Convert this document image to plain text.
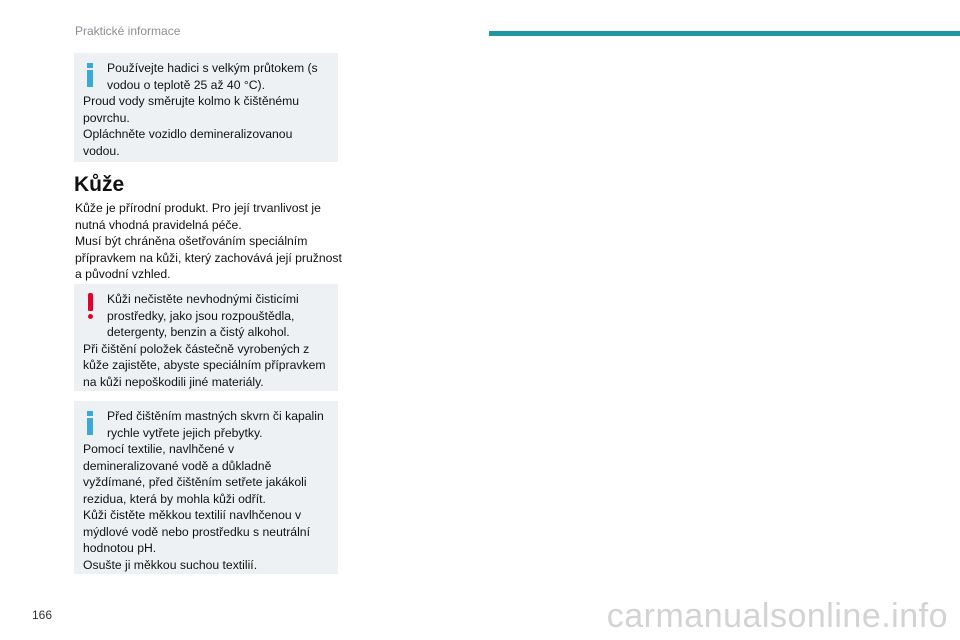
Praktické informace

Používejte hadici s velkým průtokem (s vodou o teplotě 25 až 40 °C).

Proud vody směrujte kolmo k čištěnému povrchu.

Opláchněte vozidlo demineralizovanou vodou.

Kůže

Kůže je přírodní produkt. Pro její trvanlivost je nutná vhodná pravidelná péče.
Musí být chráněna ošetřováním speciálním přípravkem na kůži, který zachovává její pružnost a původní vzhled.

Kůži nečistěte nevhodnými čisticími prostředky, jako jsou rozpouštědla, detergenty, benzin a čistý alkohol.

Při čištění položek částečně vyrobených z kůže zajistěte, abyste speciálním přípravkem na kůži nepoškodili jiné materiály.

Před čištěním mastných skvrn či kapalin rychle vytřete jejich přebytky.

Pomocí textilie, navlhčené v demineralizované vodě a důkladně vyždímané, před čištěním setřete jakákoli rezidua, která by mohla kůži odřít.

Kůži čistěte měkkou textilií navlhčenou v mýdlové vodě nebo prostředku s neutrální hodnotou pH.

Osušte ji měkkou suchou textilií.

166	carmanualsonline.info
